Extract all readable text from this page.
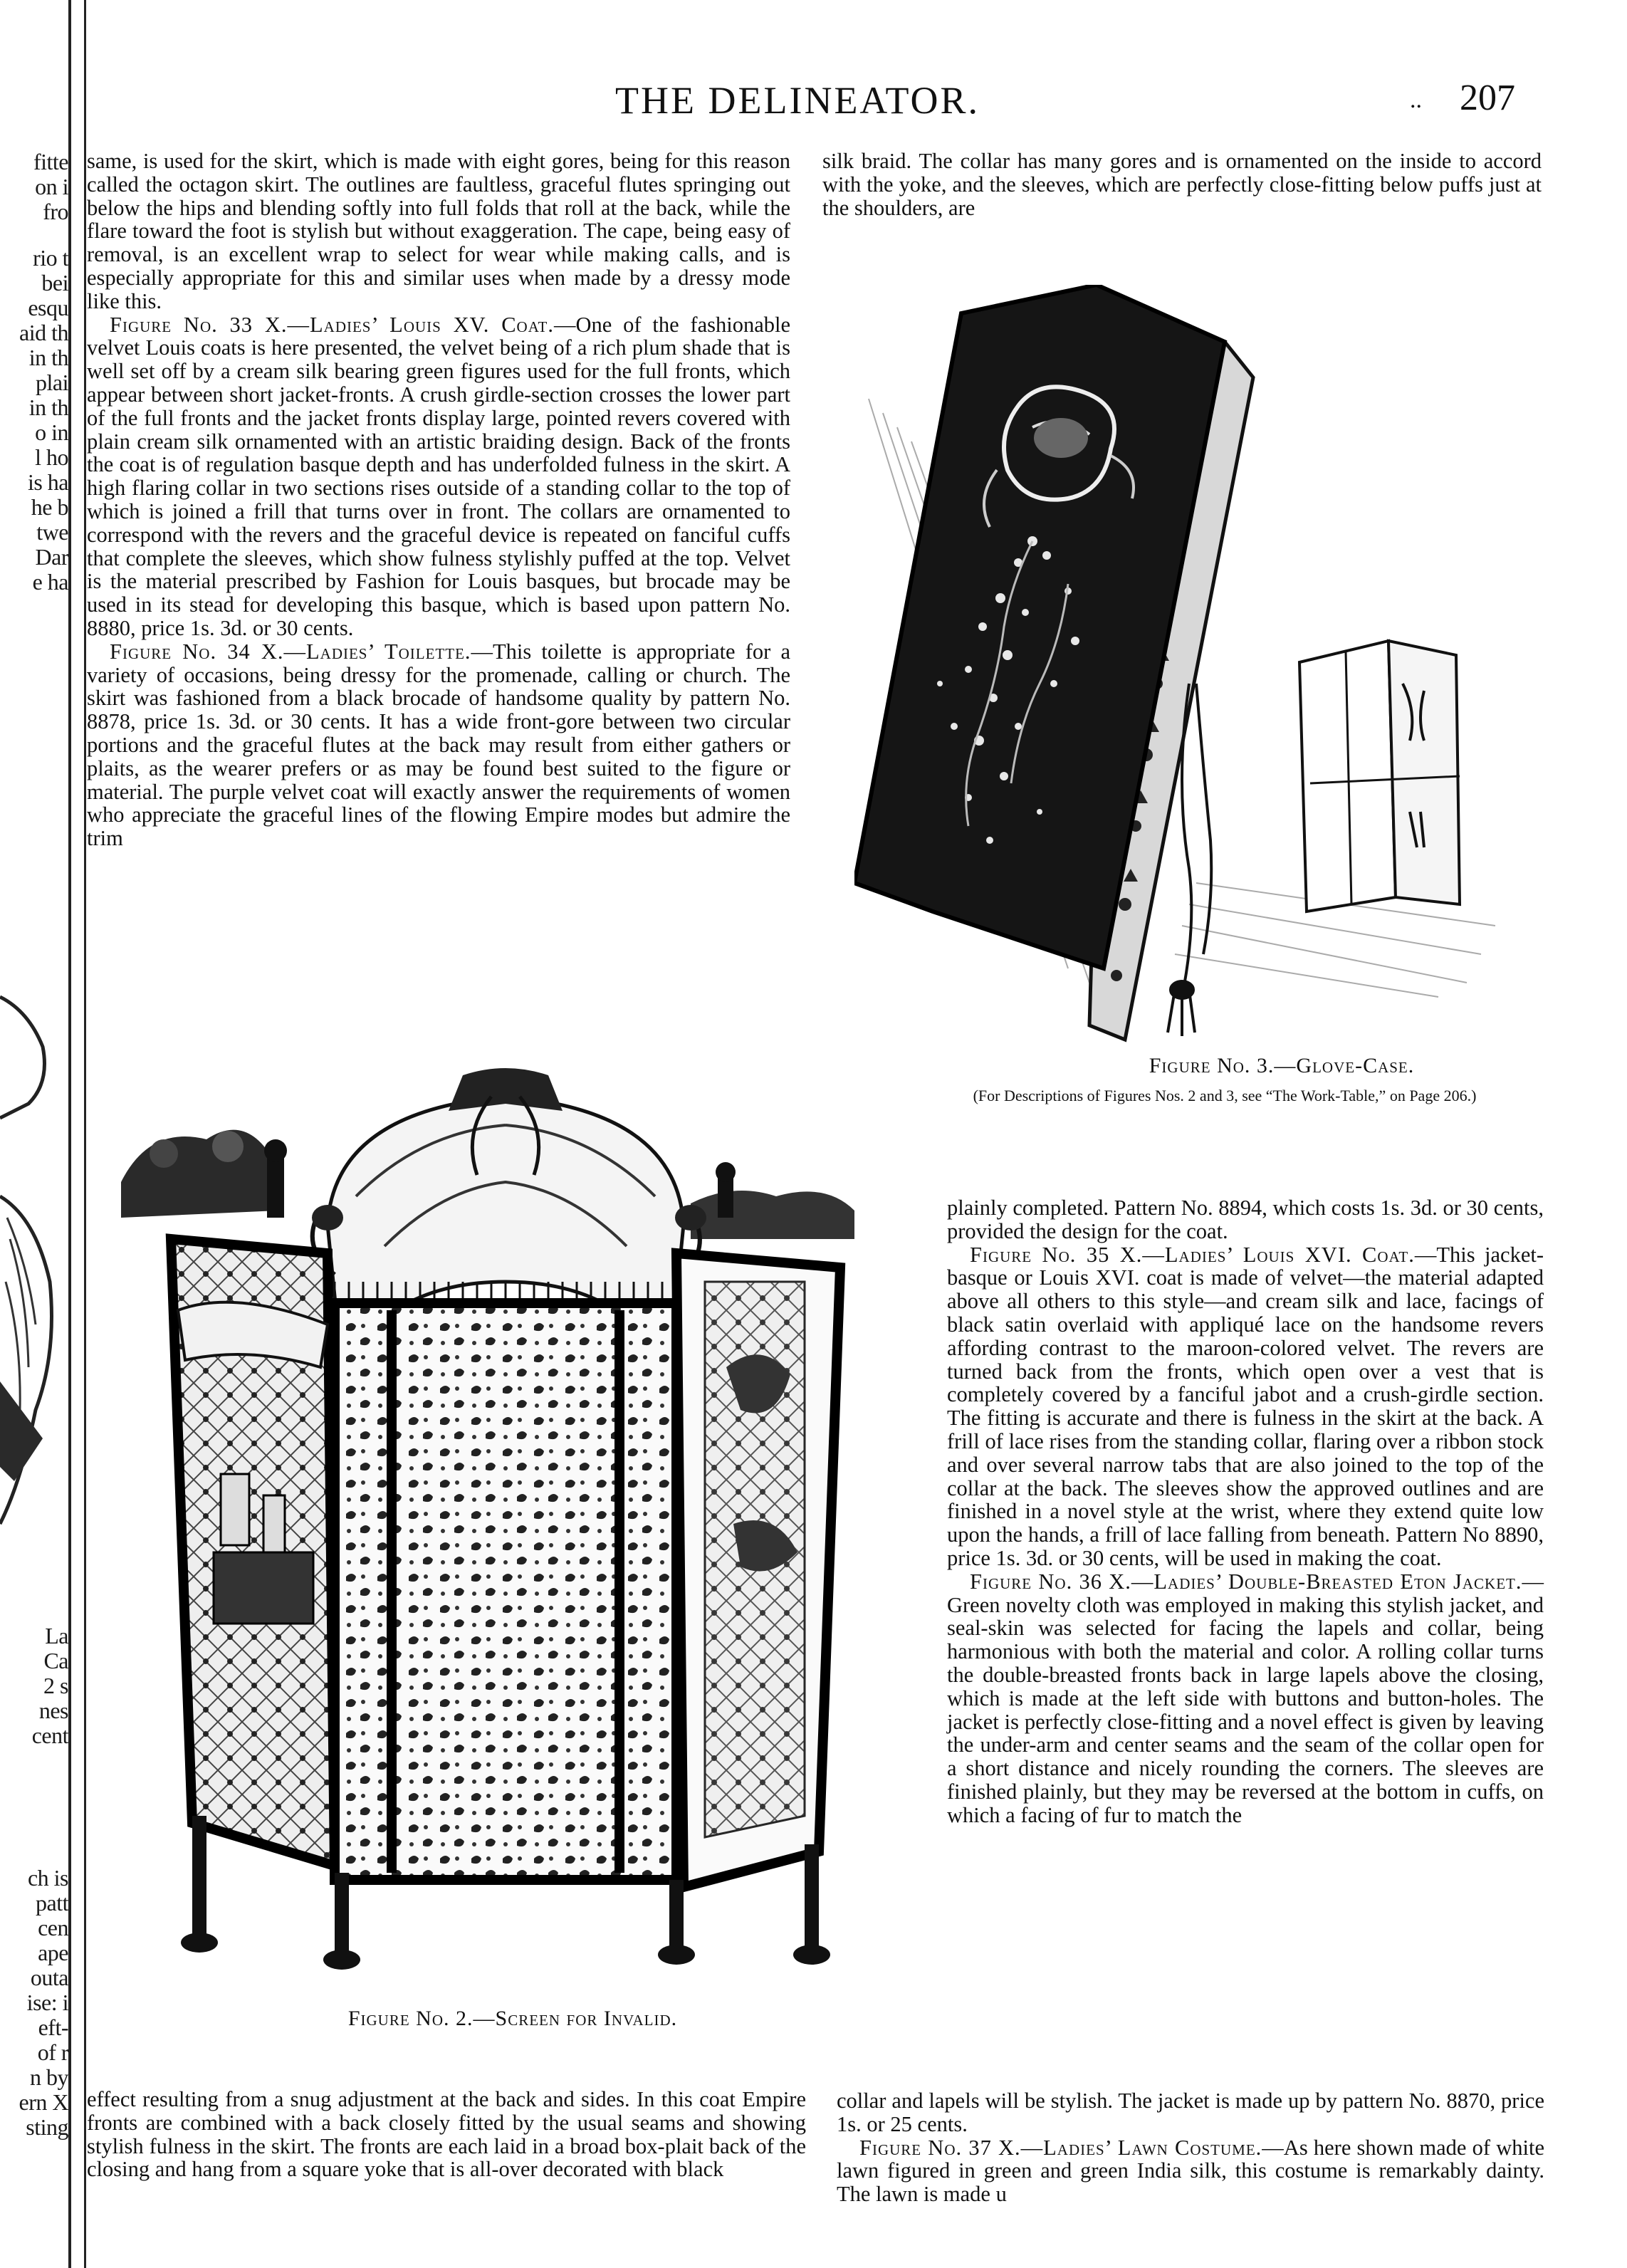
fitte
on i
fro
rio t
bei
esqu
aid th
in th
plai
in th
o in
l ho
is ha
he b
twe
Dar
e ha
La
Ca
2 s
nes
cent
ch is
patt
cen
ape
outa
ise: i
eft-
of r
n by
ern X
sting
THE DELINEATOR.	.. 207

same, is used for the skirt, which is made with eight gores, being for this reason called the octagon skirt. The outlines are faultless, graceful flutes springing out below the hips and blending softly into full folds that roll at the back, while the flare toward the foot is stylish but without exaggeration. The cape, being easy of removal, is an excellent wrap to select for wear while making calls, and is especially appropriate for this and similar uses when made by a dressy mode like this.

Figure No. 33 X.—Ladies’ Louis XV. Coat.—One of the fashionable velvet Louis coats is here presented, the velvet being of a rich plum shade that is well set off by a cream silk bearing green figures used for the full fronts, which appear between short jacket-fronts. A crush girdle-section crosses the lower part of the full fronts and the jacket fronts display large, pointed revers covered with plain cream silk ornamented with an artistic braiding design. Back of the fronts the coat is of regulation basque depth and has underfolded fulness in the skirt. A high flaring collar in two sections rises outside of a standing collar to the top of which is joined a frill that turns over in front. The collars are ornamented to correspond with the revers and the graceful device is repeated on fanciful cuffs that complete the sleeves, which show fulness stylishly puffed at the top. Velvet is the material prescribed by Fashion for Louis basques, but brocade may be used in its stead for developing this basque, which is based upon pattern No. 8880, price 1s. 3d. or 30 cents.

Figure No. 34 X.—Ladies’ Toilette.—This toilette is appropriate for a variety of occasions, being dressy for the promenade, calling or church. The skirt was fashioned from a black brocade of handsome quality by pattern No. 8878, price 1s. 3d. or 30 cents. It has a wide front-gore between two circular portions and the graceful flutes at the back may result from either gathers or plaits, as the wearer prefers or as may be found best suited to the figure or material. The purple velvet coat will exactly answer the requirements of women who appreciate the graceful lines of the flowing Empire modes but admire the trim

silk braid. The collar has many gores and is ornamented on the inside to accord with the yoke, and the sleeves, which are perfectly close-fitting below puffs just at the shoulders, are

Figure No. 3.—Glove-Case.
(For Descriptions of Figures Nos. 2 and 3, see “The Work-Table,” on Page 206.)

plainly completed. Pattern No. 8894, which costs 1s. 3d. or 30 cents, provided the design for the coat.

Figure No. 35 X.—Ladies’ Louis XVI. Coat.—This jacket-basque or Louis XVI. coat is made of velvet—the material adapted above all others to this style—and cream silk and lace, facings of black satin overlaid with appliqué lace on the handsome revers affording contrast to the maroon-colored velvet. The revers are turned back from the fronts, which open over a vest that is completely covered by a fanciful jabot and a crush-girdle section. The fitting is accurate and there is fulness in the skirt at the back. A frill of lace rises from the standing collar, flaring over a ribbon stock and over several narrow tabs that are also joined to the top of the collar at the back. The sleeves show the approved outlines and are finished in a novel style at the wrist, where they extend quite low upon the hands, a frill of lace falling from beneath. Pattern No 8890, price 1s. 3d. or 30 cents, will be used in making the coat.

Figure No. 36 X.—Ladies’ Double-Breasted Eton Jacket.—Green novelty cloth was employed in making this stylish jacket, and seal-skin was selected for facing the lapels and collar, being harmonious with both the material and color. A rolling collar turns the double-breasted fronts back in large lapels above the closing, which is made at the left side with buttons and button-holes. The jacket is perfectly close-fitting and a novel effect is given by leaving the under-arm and center seams and the seam of the collar open for a short distance and nicely rounding the corners. The sleeves are finished plainly, but they may be reversed at the bottom in cuffs, on which a facing of fur to match the

Figure No. 2.—Screen for Invalid.

effect resulting from a snug adjustment at the back and sides. In this coat Empire fronts are combined with a back closely fitted by the usual seams and showing stylish fulness in the skirt. The fronts are each laid in a broad box-plait back of the closing and hang from a square yoke that is all-over decorated with black

collar and lapels will be stylish. The jacket is made up by pattern No. 8870, price 1s. or 25 cents.

Figure No. 37 X.—Ladies’ Lawn Costume.—As here shown made of white lawn figured in green and green India silk, this costume is remarkably dainty. The lawn is made u
